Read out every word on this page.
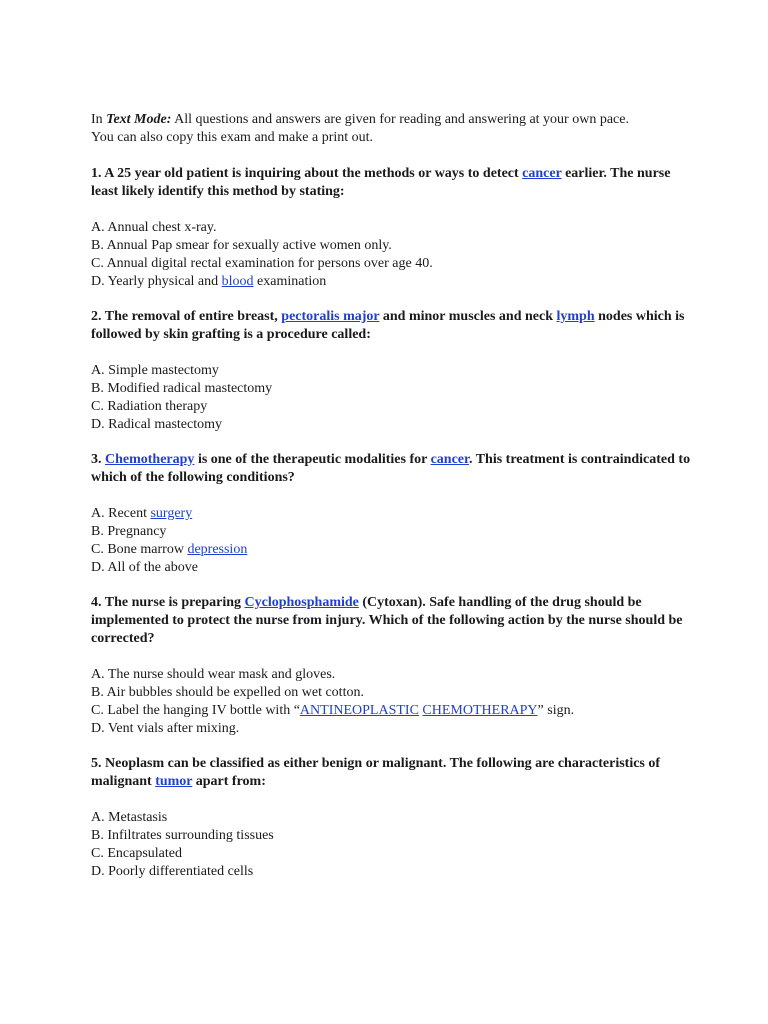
In Text Mode: All questions and answers are given for reading and answering at your own pace.
You can also copy this exam and make a print out.

1. A 25 year old patient is inquiring about the methods or ways to detect cancer earlier. The nurse least likely identify this method by stating:

A. Annual chest x-ray.

B. Annual Pap smear for sexually active women only.

C. Annual digital rectal examination for persons over age 40.

D. Yearly physical and blood examination

2. The removal of entire breast, pectoralis major and minor muscles and neck lymph nodes which is followed by skin grafting is a procedure called:

A. Simple mastectomy

B. Modified radical mastectomy

C. Radiation therapy

D. Radical mastectomy

3. Chemotherapy is one of the therapeutic modalities for cancer. This treatment is contraindicated to which of the following conditions?

A. Recent surgery

B. Pregnancy

C. Bone marrow depression

D. All of the above

4. The nurse is preparing Cyclophosphamide (Cytoxan). Safe handling of the drug should be implemented to protect the nurse from injury. Which of the following action by the nurse should be corrected?

A. The nurse should wear mask and gloves.

B. Air bubbles should be expelled on wet cotton.

C. Label the hanging IV bottle with “ANTINEOPLASTIC CHEMOTHERAPY” sign.

D. Vent vials after mixing.

5. Neoplasm can be classified as either benign or malignant. The following are characteristics of malignant tumor apart from:

A. Metastasis

B. Infiltrates surrounding tissues

C. Encapsulated

D. Poorly differentiated cells
